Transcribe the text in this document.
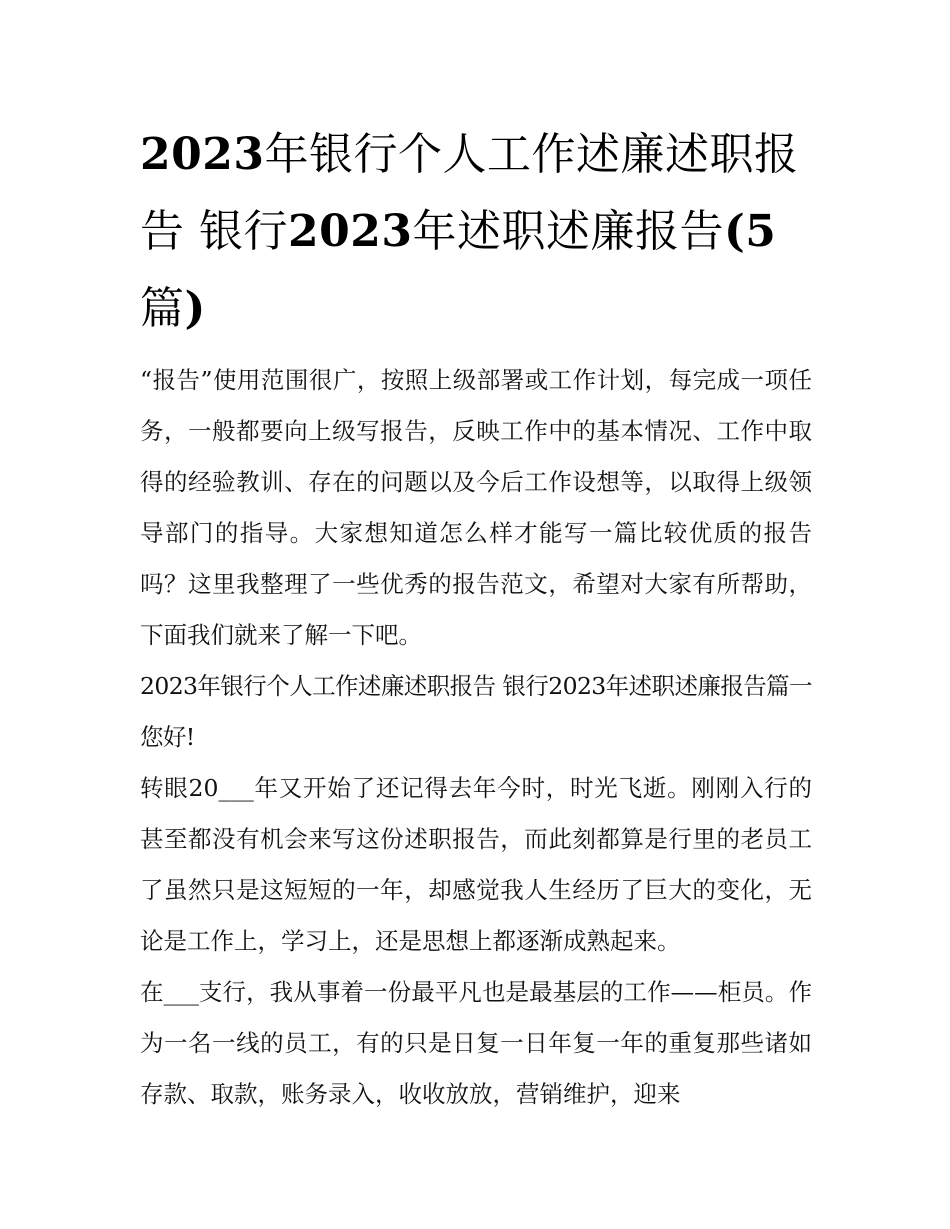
2023年银行个人工作述廉述职报告 银行2023年述职述廉报告(5篇)

“报告”使用范围很广，按照上级部署或工作计划，每完成一项任务，一般都要向上级写报告，反映工作中的基本情况、工作中取得的经验教训、存在的问题以及今后工作设想等，以取得上级领导部门的指导。大家想知道怎么样才能写一篇比较优质的报告吗？这里我整理了一些优秀的报告范文，希望对大家有所帮助，下面我们就来了解一下吧。

2023年银行个人工作述廉述职报告 银行2023年述职述廉报告篇一 您好!

转眼20___年又开始了还记得去年今时，时光飞逝。刚刚入行的甚至都没有机会来写这份述职报告，而此刻都算是行里的老员工了虽然只是这短短的一年，却感觉我人生经历了巨大的变化，无论是工作上，学习上，还是思想上都逐渐成熟起来。

在___支行，我从事着一份最平凡也是最基层的工作——柜员。作为一名一线的员工，有的只是日复一日年复一年的重复那些诸如存款、取款，账务录入，收收放放，营销维护，迎来
